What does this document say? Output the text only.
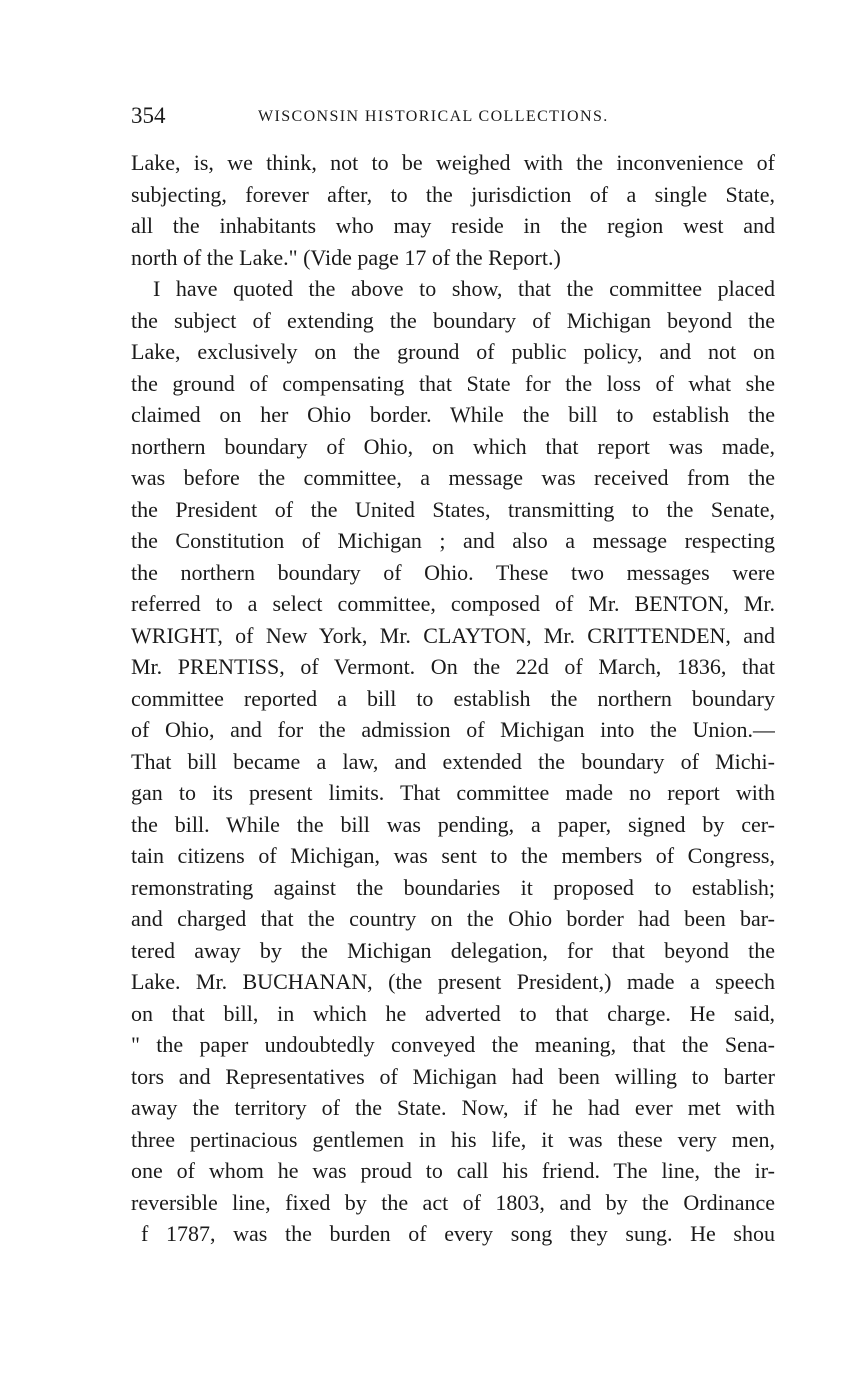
354	WISCONSIN HISTORICAL COLLECTIONS.
Lake, is, we think, not to be weighed with the inconvenience of
subjecting, forever after, to the jurisdiction of a single State,
all the inhabitants who may reside in the region west and
north of the Lake." (Vide page 17 of the Report.)
I have quoted the above to show, that the committee placed
the subject of extending the boundary of Michigan beyond the
Lake, exclusively on the ground of public policy, and not on
the ground of compensating that State for the loss of what she
claimed on her Ohio border. While the bill to establish the
northern boundary of Ohio, on which that report was made,
was before the committee, a message was received from the
the President of the United States, transmitting to the Senate,
the Constitution of Michigan ; and also a message respecting
the northern boundary of Ohio. These two messages were
referred to a select committee, composed of Mr. BENTON, Mr.
WRIGHT, of New York, Mr. CLAYTON, Mr. CRITTENDEN, and
Mr. PRENTISS, of Vermont. On the 22d of March, 1836, that
committee reported a bill to establish the northern boundary
of Ohio, and for the admission of Michigan into the Union.—
That bill became a law, and extended the boundary of Michi-
gan to its present limits. That committee made no report with
the bill. While the bill was pending, a paper, signed by cer-
tain citizens of Michigan, was sent to the members of Congress,
remonstrating against the boundaries it proposed to establish;
and charged that the country on the Ohio border had been bar-
tered away by the Michigan delegation, for that beyond the
Lake. Mr. BUCHANAN, (the present President,) made a speech
on that bill, in which he adverted to that charge. He said,
" the paper undoubtedly conveyed the meaning, that the Sena-
tors and Representatives of Michigan had been willing to barter
away the territory of the State. Now, if he had ever met with
three pertinacious gentlemen in his life, it was these very men,
one of whom he was proud to call his friend. The line, the ir-
reversible line, fixed by the act of 1803, and by the Ordinance
f 1787, was the burden of every song they sung. He shou
